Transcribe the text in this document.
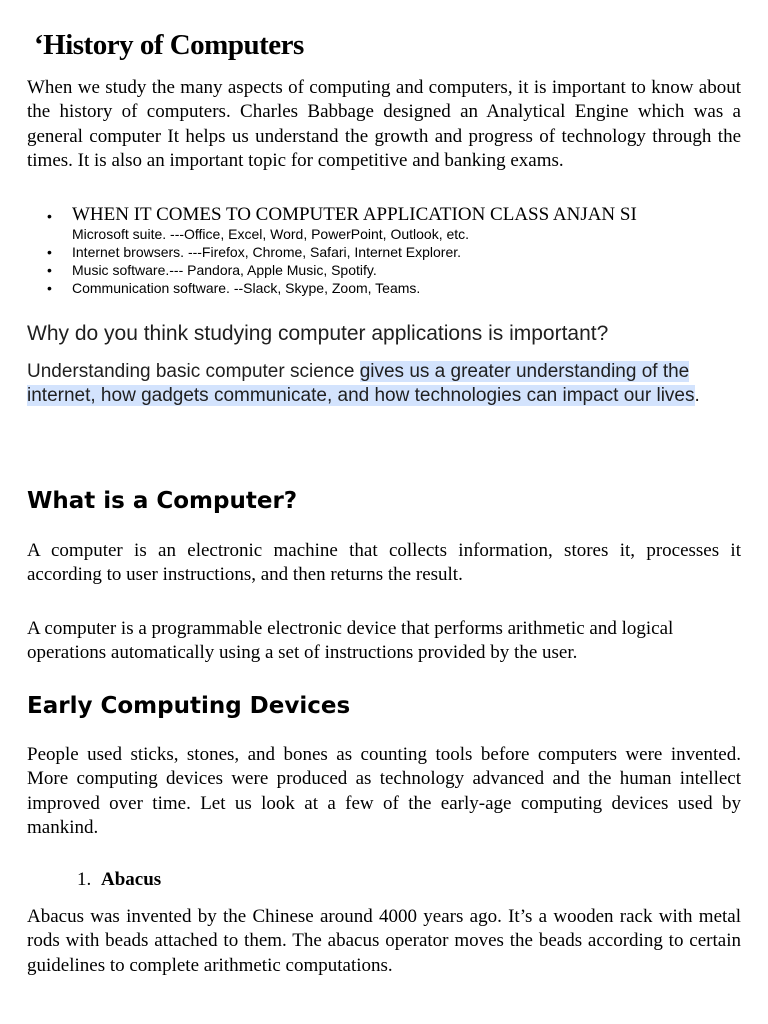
‘History of Computers

When we study the many aspects of computing and computers, it is important to know about the history of computers. Charles Babbage designed an Analytical Engine which was a general computer It helps us understand the growth and progress of technology through the times. It is also an important topic for competitive and banking exams.

• WHEN IT COMES TO COMPUTER APPLICATION CLASS ANJAN SI
Microsoft suite. ---Office, Excel, Word, PowerPoint, Outlook, etc.
• Internet browsers. ---Firefox, Chrome, Safari, Internet Explorer.
• Music software.--- Pandora, Apple Music, Spotify.
• Communication software. --Slack, Skype, Zoom, Teams.
Why do you think studying computer applications is important?

Understanding basic computer science gives us a greater understanding of the internet, how gadgets communicate, and how technologies can impact our lives.

What is a Computer?

A computer is an electronic machine that collects information, stores it, processes it according to user instructions, and then returns the result.

A computer is a programmable electronic device that performs arithmetic and logical operations automatically using a set of instructions provided by the user.

Early Computing Devices

People used sticks, stones, and bones as counting tools before computers were invented. More computing devices were produced as technology advanced and the human intellect improved over time. Let us look at a few of the early-age computing devices used by mankind.

1. Abacus

Abacus was invented by the Chinese around 4000 years ago. It’s a wooden rack with metal rods with beads attached to them. The abacus operator moves the beads according to certain guidelines to complete arithmetic computations.
